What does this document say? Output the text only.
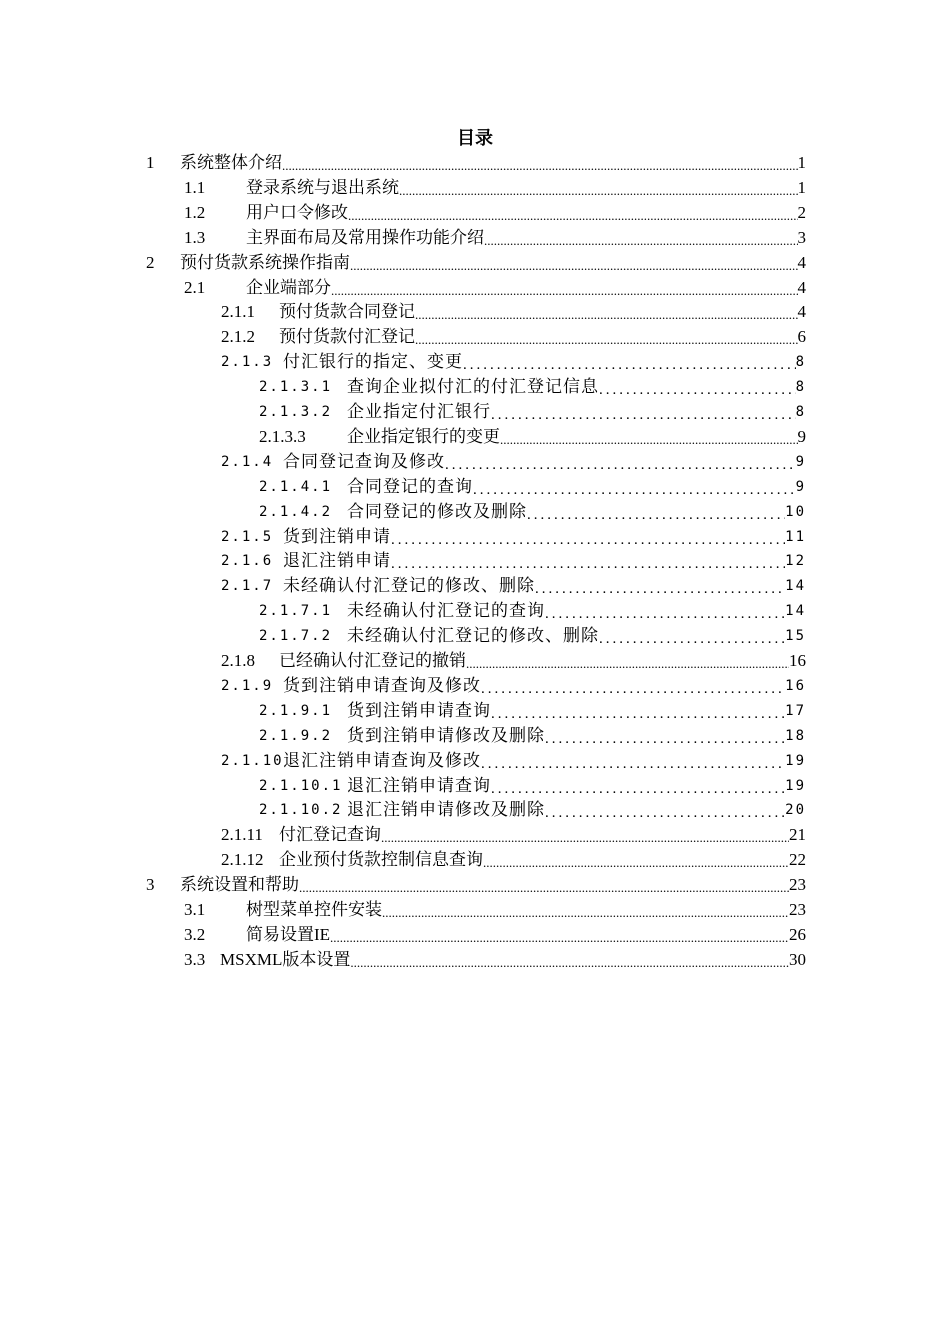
目录
1	系统整体介绍 .....	1
1.1	登录系统与退出系统 .....	1
1.2	用户口令修改 .....	2
1.3	主界面布局及常用操作功能介绍 .....	3
2	预付货款系统操作指南 .....	4
2.1	企业端部分 .....	4
2.1.1	预付货款合同登记 .....	4
2.1.2	预付货款付汇登记 .....	6
2.1.3 付汇银行的指定、变更 .....	8
2.1.3.1 查询企业拟付汇的付汇登记信息 .....	8
2.1.3.2 企业指定付汇银行 .....	8
2.1.3.3	企业指定银行的变更 .....	9
2.1.4 合同登记查询及修改 .....	9
2.1.4.1 合同登记的查询 .....	9
2.1.4.2 合同登记的修改及删除 .....	10
2.1.5 货到注销申请 .....	11
2.1.6 退汇注销申请 .....	12
2.1.7 未经确认付汇登记的修改、删除 .....	14
2.1.7.1 未经确认付汇登记的查询 .....	14
2.1.7.2 未经确认付汇登记的修改、删除 .....	15
2.1.8	已经确认付汇登记的撤销 .....	16
2.1.9 货到注销申请查询及修改 .....	16
2.1.9.1 货到注销申请查询 .....	17
2.1.9.2 货到注销申请修改及删除 .....	18
2.1.10 退汇注销申请查询及修改 .....	19
2.1.10.1 退汇注销申请查询 .....	19
2.1.10.2 退汇注销申请修改及删除 .....	20
2.1.11 付汇登记查询 .....	21
2.1.12 企业预付货款控制信息查询 .....	22
3	系统设置和帮助 .....	23
3.1	树型菜单控件安装 .....	23
3.2	简易设置IE .....	26
3.3 MSXML版本设置 .....	30
